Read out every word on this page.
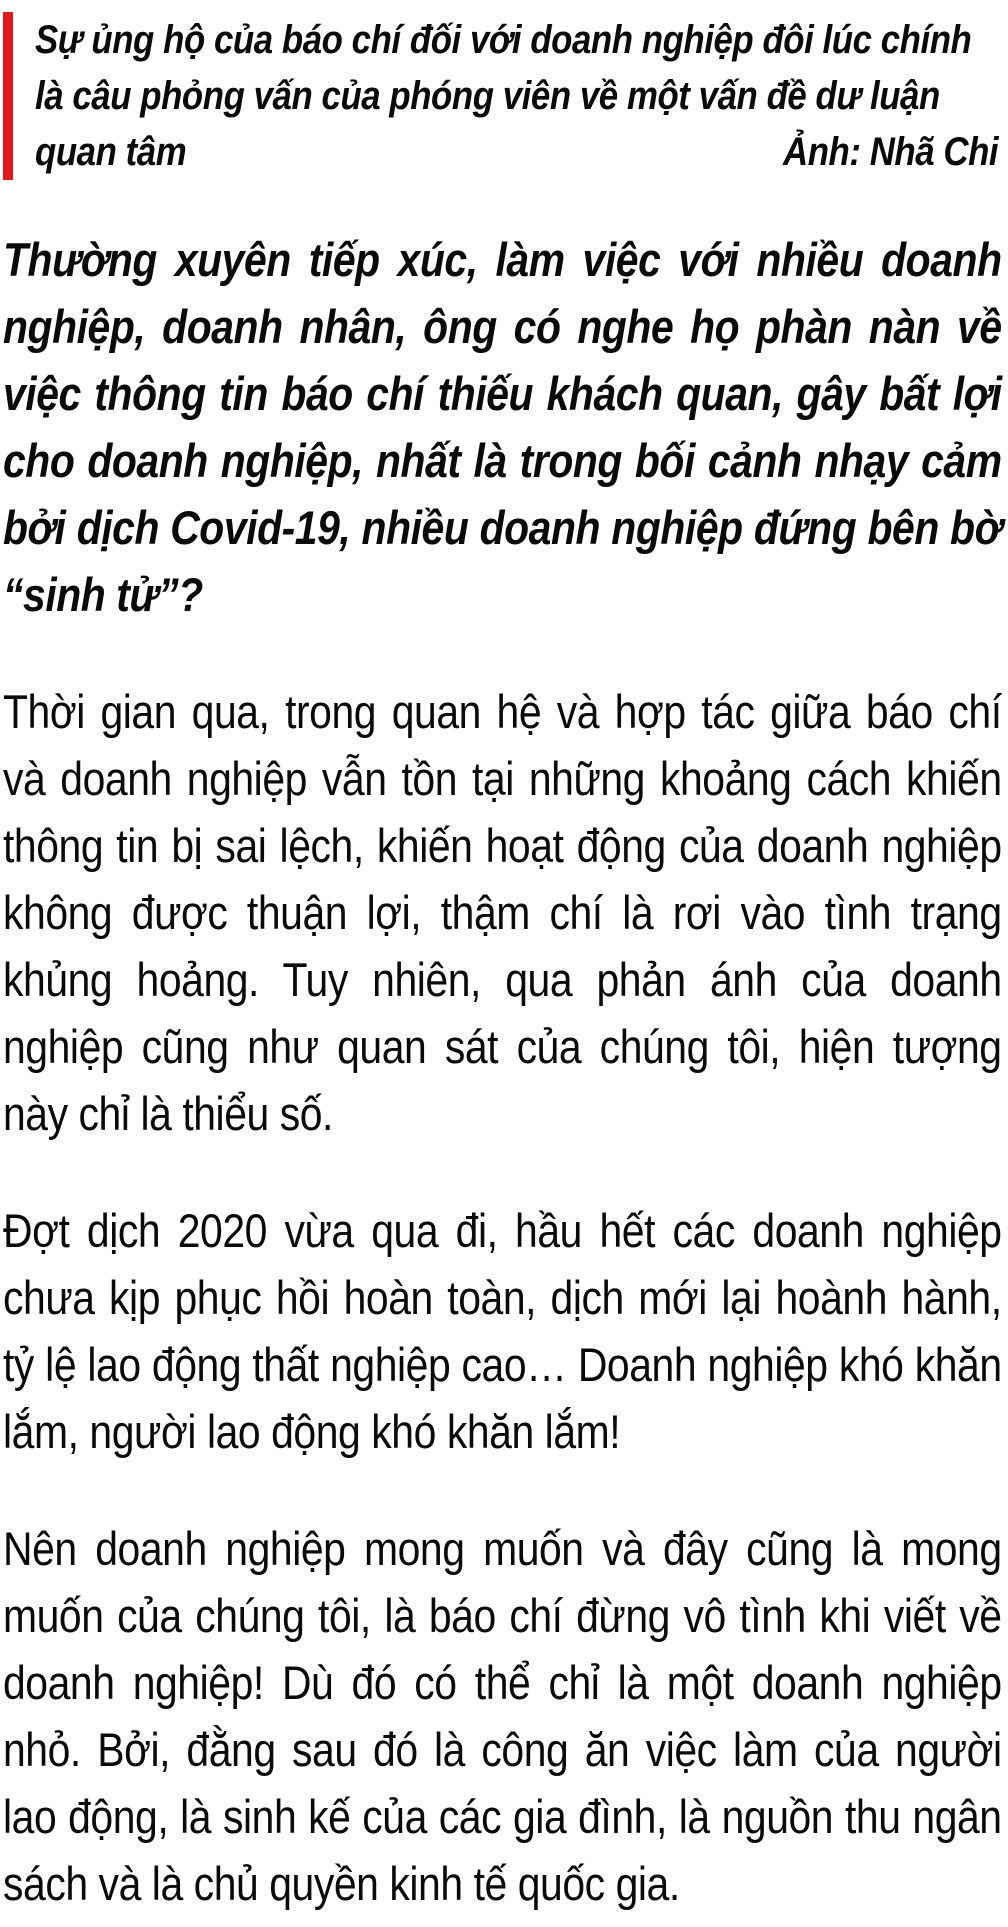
Sự ủng hộ của báo chí đối với doanh nghiệp đôi lúc chính là câu phỏng vấn của phóng viên về một vấn đề dư luận quan tâm	Ảnh: Nhã Chi

Thường xuyên tiếp xúc, làm việc với nhiều doanh nghiệp, doanh nhân, ông có nghe họ phàn nàn về việc thông tin báo chí thiếu khách quan, gây bất lợi cho doanh nghiệp, nhất là trong bối cảnh nhạy cảm bởi dịch Covid-19, nhiều doanh nghiệp đứng bên bờ “sinh tử”?

Thời gian qua, trong quan hệ và hợp tác giữa báo chí và doanh nghiệp vẫn tồn tại những khoảng cách khiến thông tin bị sai lệch, khiến hoạt động của doanh nghiệp không được thuận lợi, thậm chí là rơi vào tình trạng khủng hoảng. Tuy nhiên, qua phản ánh của doanh nghiệp cũng như quan sát của chúng tôi, hiện tượng này chỉ là thiểu số.

Đợt dịch 2020 vừa qua đi, hầu hết các doanh nghiệp chưa kịp phục hồi hoàn toàn, dịch mới lại hoành hành, tỷ lệ lao động thất nghiệp cao… Doanh nghiệp khó khăn lắm, người lao động khó khăn lắm!

Nên doanh nghiệp mong muốn và đây cũng là mong muốn của chúng tôi, là báo chí đừng vô tình khi viết về doanh nghiệp! Dù đó có thể chỉ là một doanh nghiệp nhỏ. Bởi, đằng sau đó là công ăn việc làm của người lao động, là sinh kế của các gia đình, là nguồn thu ngân sách và là chủ quyền kinh tế quốc gia.
